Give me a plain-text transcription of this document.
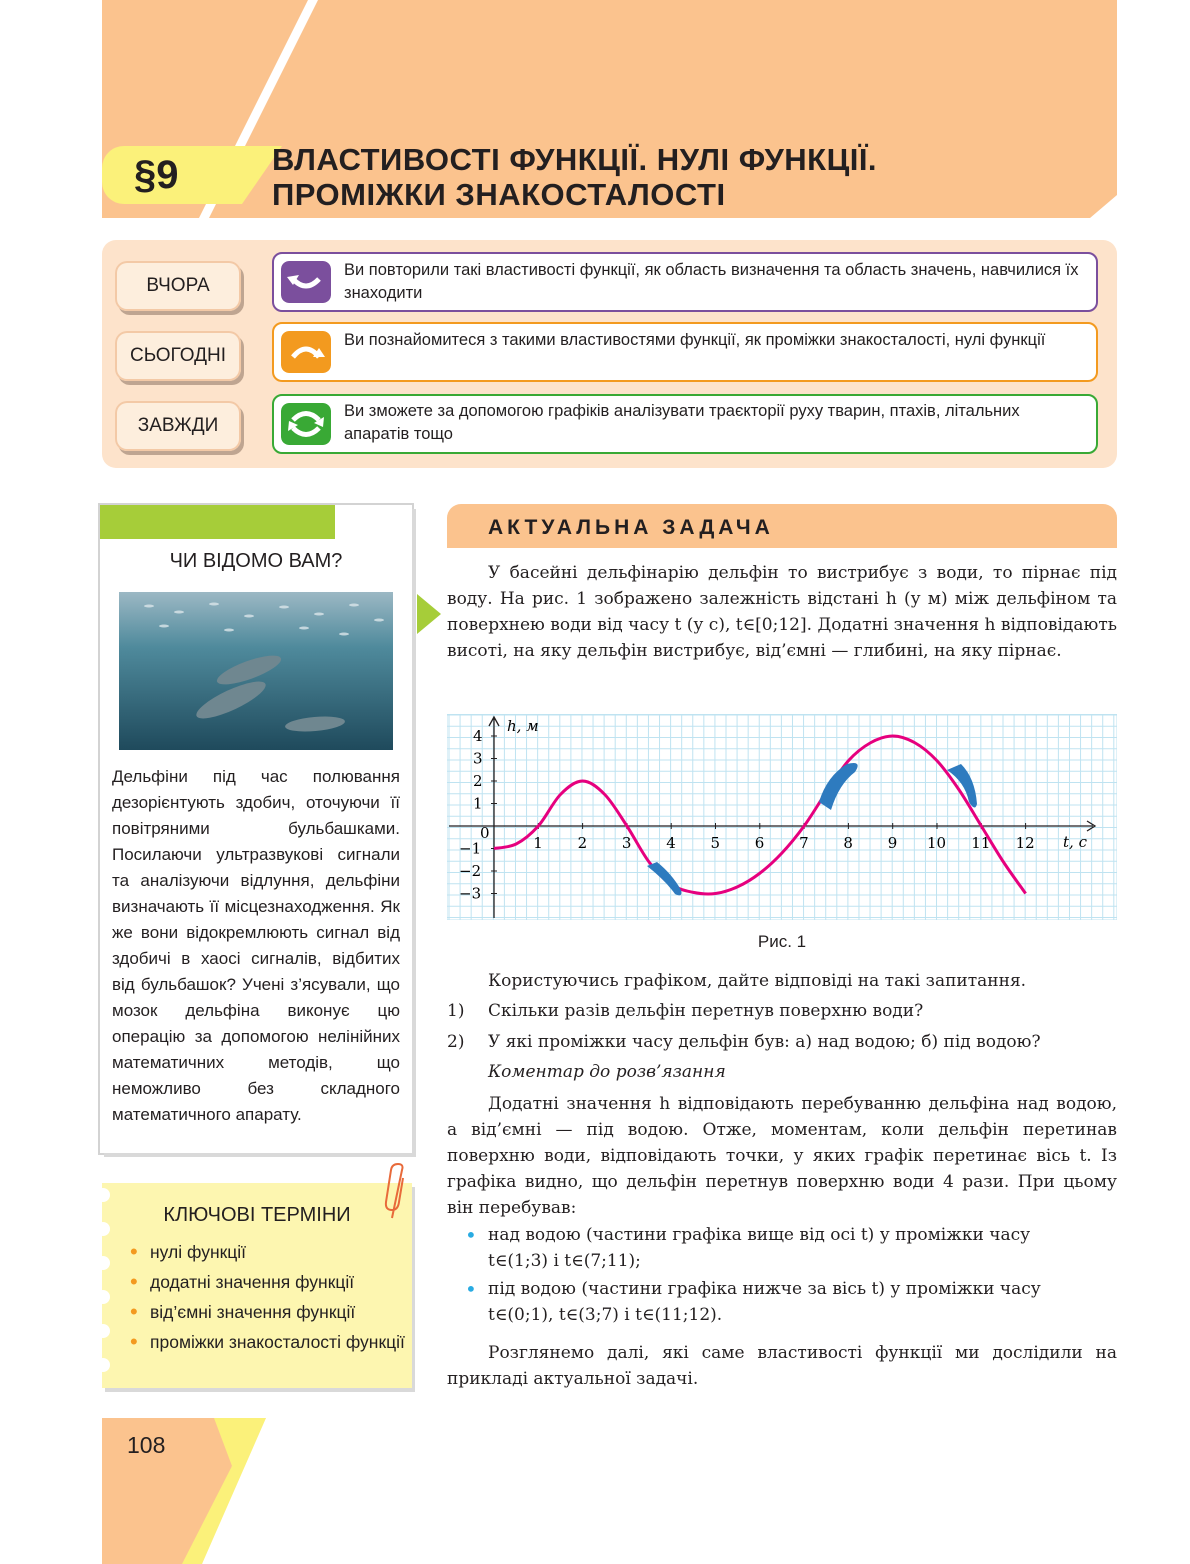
§9	ВЛАСТИВОСТІ ФУНКЦІЇ. НУЛІ ФУНКЦІЇ.
ПРОМІЖКИ ЗНАКОСТАЛОСТІ
ВЧОРА
Ви повторили такі властивості функції, як область визначення та область значень, навчилися їх знаходити
СЬОГОДНІ
Ви познайомитеся з такими властивостями функції, як проміжки знакосталості, нулі функції
ЗАВЖДИ
Ви зможете за допомогою графіків аналізувати траєкторії руху тварин, птахів, літальних апаратів тощо
ЧИ ВІДОМО ВАМ?
Дельфіни під час полювання дезорієнтують здобич, оточуючи її повітряними бульбашками. Посилаючи ультразвукові сигнали та аналізуючи відлуння, дельфіни визначають її місцезнаходження. Як же вони відокремлюють сигнал від здобичі в хаосі сигналів, відбитих від бульбашок? Учені з’ясували, що мозок дельфіна виконує цю операцію за допомогою нелінійних математичних методів, що неможливо без складного математичного апарату.
КЛЮЧОВІ ТЕРМІНИ
• нулі функції
• додатні значення функції
• від’ємні значення функції
• проміжки знакосталості функції
АКТУАЛЬНА ЗАДАЧА
У басейні дельфінарію дельфін то вистрибує з води, то пірнає під воду. На рис. 1 зображено залежність відстані h (у м) між дельфіном та поверхнею води від часу t (у с), t∈[0;12]. Додатні значення h відповідають висоті, на яку дельфін вистрибує, від’ємні — глибині, на яку пірнає.
0
1 2 3 4 5 6 7 8 9 10 11 12
4
3
2
1
−1
−2
−3
h, м
t, с
Рис. 1
Користуючись графіком, дайте відповіді на такі запитання.
1) Скільки разів дельфін перетнув поверхню води?
2) У які проміжки часу дельфін був: а) над водою; б) під водою?
Коментар до розв’язання
Додатні значення h відповідають перебуванню дельфіна над водою, а від’ємні — під водою. Отже, моментам, коли дельфін перетинав поверхню води, відповідають точки, у яких графік перетинає вісь t. Із графіка видно, що дельфін перетнув поверхню води 4 рази. При цьому він перебував:
• над водою (частини графіка вище від осі t) у проміжки часу
t∈(1;3) і t∈(7;11);
• під водою (частини графіка нижче за вісь t) у проміжки часу
t∈(0;1), t∈(3;7) і t∈(11;12).
Розглянемо далі, які саме властивості функції ми дослідили на прикладі актуальної задачі.
108
